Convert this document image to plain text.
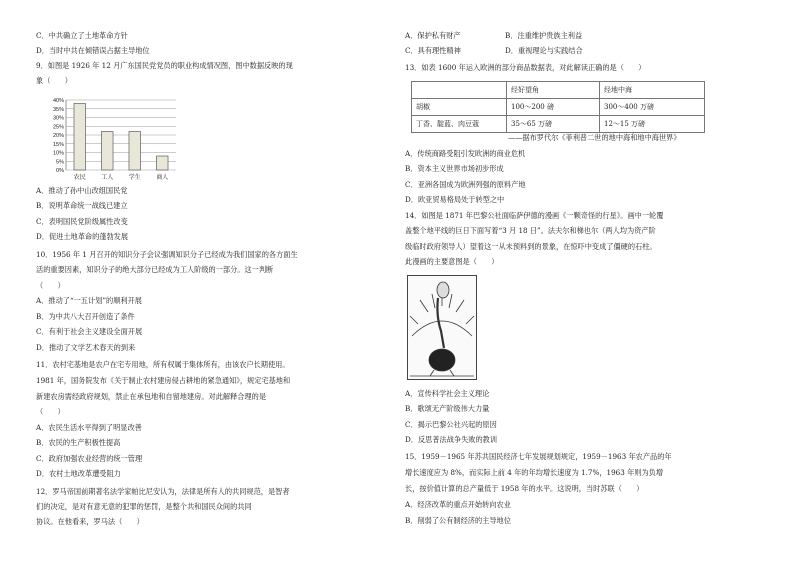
C．中共确立了土地革命方针
D．当时中共在倾错误占据主导地位
9．如图是 1926 年 12 月广东国民党党员的职业构成情况图，图中数据反映的现
象（　　）
A．推动了孙中山改组国民党
B．说明革命统一战线已建立
C．表明国民党阶级属性改变
D．促进土地革命的蓬勃发展
10．1956 年 1 月召开的知识分子会议强调知识分子已经成为我们国家的各方面生
活的重要因素，知识分子的绝大部分已经成为工人阶级的一部分。这一判断
（　　）
A．推动了“一五计划”的顺利开展
B．为中共八大召开创造了条件
C．有利于社会主义建设全面开展
D．推动了文学艺术春天的到来
11．农村宅基地是农户在宅专用地，所有权属于集体所有，由该农户长期使用。
1981 年，国务院发布《关于制止农村建房侵占耕地的紧急通知》，规定宅基地和
新建农房需经政府规划，禁止在承包地和自留地建房。对此解释合理的是
（　　）
A．农民生活水平得到了明显改善
B．农民的生产积极性提高
C．政府加强农业经营的统一管理
D．农村土地改革遭受阻力
12．罗马帝国前期著名法学家帕比尼安认为，法律是所有人的共同规范，是智者
们的决定，是对有意无意的犯罪的惩罚，是整个共和国民众间的共同
协议。在他看来，罗马法（　　）
0%
5%
10%
15%
20%
25%
30%
35%
40%
农民	工人	学生	商人
A．保护私有财产	B．注重维护贵族主利益
C．具有理性精神	D．重视理论与实践结合
13．如表 1600 年运入欧洲的部分商品数据表，对此解读正确的是（　　）
——据布罗代尔《菲利普二世的地中海和地中海世界》
A．传统商路受阻引发欧洲的商业危机
B．资本主义世界市场初步形成
C．亚洲各国成为欧洲列强的原料产地
D．欧亚贸易格局处于转型之中
14．如图是 1871 年巴黎公社面临萨伊德的漫画《一颗奇怪的行星》。画中一轮覆
盖整个地平线的巨日下面写着“3 月 18 日”。法夫尔和梯也尔（两人均为资产阶
级临时政府领导人）望着这一从未预料到的景象，在惊吓中变成了僵硬的石柱。
此漫画的主要意图是（　　）
A．宣传科学社会主义理论
B．歌颂无产阶级伟大力量
C．揭示巴黎公社兴起的原因
D．反思普法战争失败的教训
15．1959－1965 年苏共国民经济七年发展规划规定，1959－1963 年农产品的年
增长速度应为 8%，而实际上前 4 年的年均增长速度为 1.7%，1963 年则为负增
长，按价值计算的总产量低于 1958 年的水平。这说明，当时苏联（　　）
A．经济改革的重点开始转向农业
B．削弱了公有制经济的主导地位
	经好望角	经地中海
胡椒	100～200 磅	300～400 万磅
丁香、靛蓝、肉豆蔻	35～65 万磅	12～15 万磅
